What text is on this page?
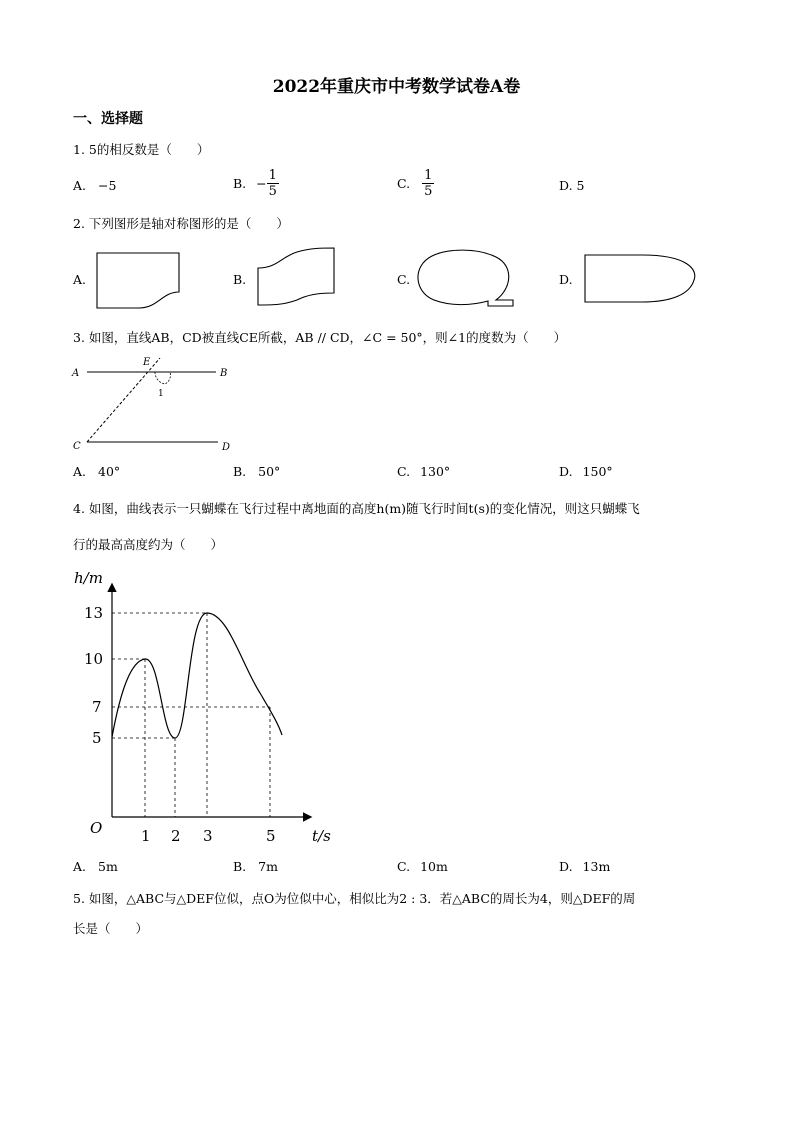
2022年重庆市中考数学试卷A卷
一、选择题
1. 5的相反数是（　　）
A. −5	B. − $\frac{1}{5}$	C. $\frac{1}{5}$	D. 5
2. 下列图形是轴对称图形的是（　　）
A.	B.	C.	D.
3. 如图，直线AB，CD被直线CE所截，AB // CD，∠C = 50°，则∠1的度数为（　　）
A	B
C	D
E
1
A. 40°	B. 50°	C. 130°	D. 150°
4. 如图，曲线表示一只蝴蝶在飞行过程中离地面的高度h(m)随飞行时间t(s)的变化情况，则这只蝴蝶飞
行的最高高度约为（　　）
h/m
t/s
O
13
10
7
5
1 2 3	5
A. 5m	B. 7m	C. 10m	D. 13m
5. 如图，△ABC与△DEF位似，点O为位似中心，相似比为2 : 3．若△ABC的周长为4，则△DEF的周
长是（　　）
